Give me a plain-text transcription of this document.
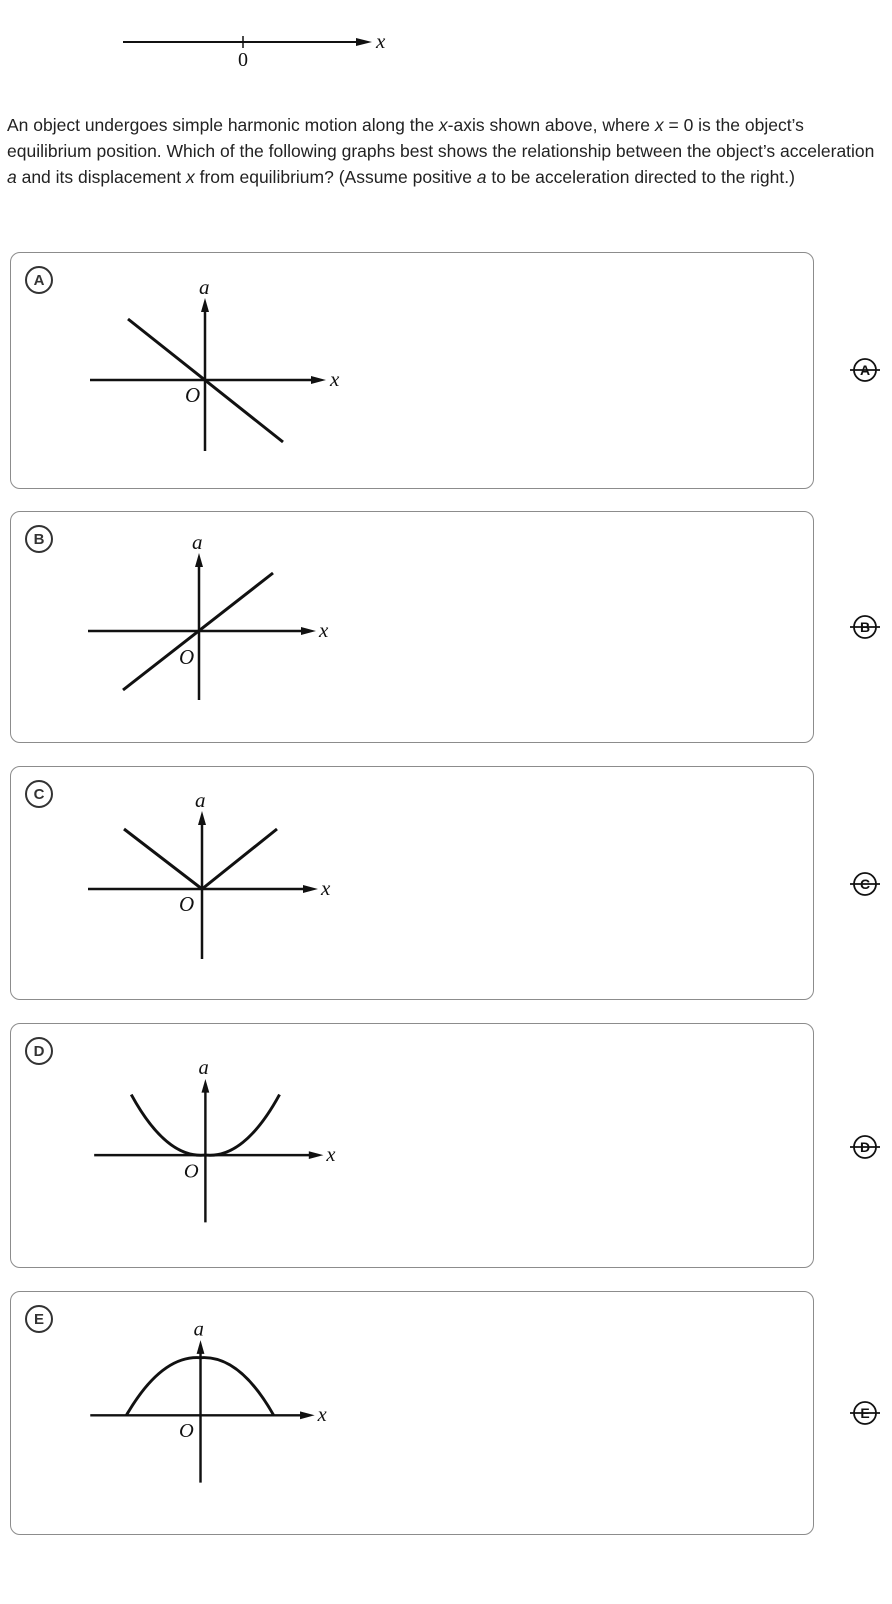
0
x

An object undergoes simple harmonic motion along the x-axis shown above, where x = 0 is the object’s equilibrium position. Which of the following graphs best shows the relationship between the object’s acceleration a and its displacement x from equilibrium? (Assume positive a to be acceleration directed to the right.)

A	a
x
O
A
B	a
x
O
B
C	a
x
O
C
D
a
x
O
D
E	a
x
O
E
